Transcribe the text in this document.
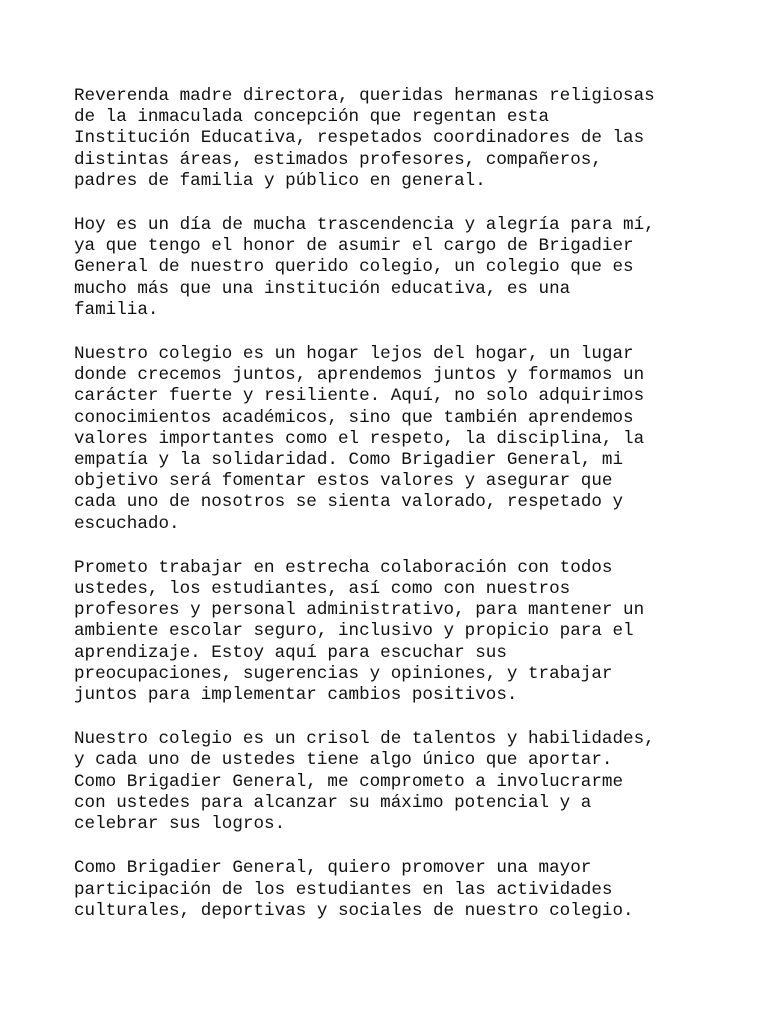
Reverenda madre directora, queridas hermanas religiosas
de la inmaculada concepción que regentan esta
Institución Educativa, respetados coordinadores de las
distintas áreas, estimados profesores, compañeros,
padres de familia y público en general.

Hoy es un día de mucha trascendencia y alegría para mí,
ya que tengo el honor de asumir el cargo de Brigadier
General de nuestro querido colegio, un colegio que es
mucho más que una institución educativa, es una
familia.

Nuestro colegio es un hogar lejos del hogar, un lugar
donde crecemos juntos, aprendemos juntos y formamos un
carácter fuerte y resiliente. Aquí, no solo adquirimos
conocimientos académicos, sino que también aprendemos
valores importantes como el respeto, la disciplina, la
empatía y la solidaridad. Como Brigadier General, mi
objetivo será fomentar estos valores y asegurar que
cada uno de nosotros se sienta valorado, respetado y
escuchado.

Prometo trabajar en estrecha colaboración con todos
ustedes, los estudiantes, así como con nuestros
profesores y personal administrativo, para mantener un
ambiente escolar seguro, inclusivo y propicio para el
aprendizaje. Estoy aquí para escuchar sus
preocupaciones, sugerencias y opiniones, y trabajar
juntos para implementar cambios positivos.

Nuestro colegio es un crisol de talentos y habilidades,
y cada uno de ustedes tiene algo único que aportar.
Como Brigadier General, me comprometo a involucrarme
con ustedes para alcanzar su máximo potencial y a
celebrar sus logros.

Como Brigadier General, quiero promover una mayor
participación de los estudiantes en las actividades
culturales, deportivas y sociales de nuestro colegio.
